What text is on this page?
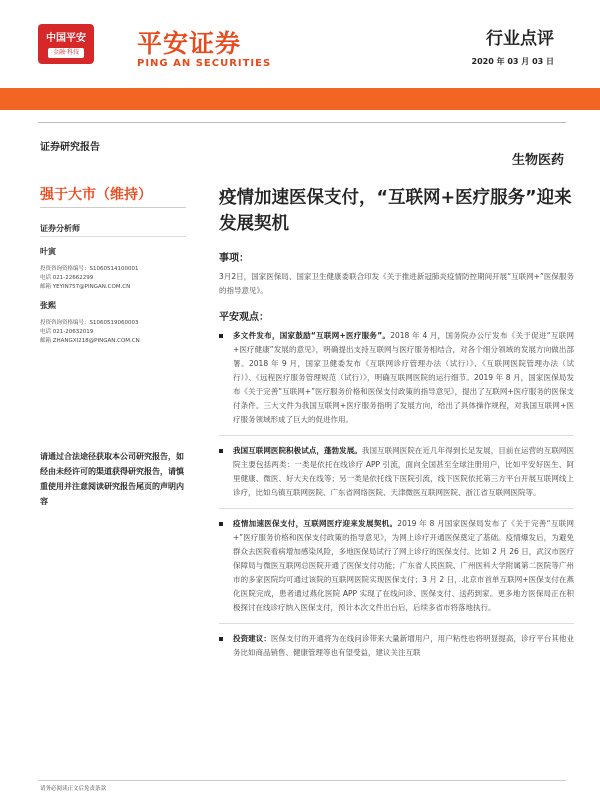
中国平安
金融·科技 平安证券
PING AN SECURITIES
行业点评
2020 年 03 月 03 日
证券研究报告
生物医药
强于大市（维持）
证券分析师
叶寅
投资咨询资格编号：S1060514100001
电话 021-22662299
邮箱 YEYIN757@PINGAN.COM.CN
张熙
投资咨询资格编号：S1060519060003
电话 021-20632019
邮箱 ZHANGXI218@PINGAN.COM.CN
请通过合法途径获取本公司研究报告，如经由未经许可的渠道获得研究报告，请慎重使用并注意阅读研究报告尾页的声明内容
疫情加速医保支付，“互联网+医疗服务”迎来发展契机
事项：
3月2日，国家医保局、国家卫生健康委联合印发《关于推进新冠肺炎疫情防控期间开展“互联网+”医保服务的指导意见》。
平安观点：
多文件发布，国家鼓励“互联网+医疗服务”。2018 年 4 月，国务院办公厅发布《关于促进“互联网+医疗健康”发展的意见》，明确提出支持互联网与医疗服务相结合，对各个细分领域的发展方向做出部署。2018 年 9 月，国家卫健委发布《互联网诊疗管理办法（试行）》、《互联网医院管理办法（试行）》、《远程医疗服务管理规范（试行）》，明确互联网医院的运行细节。2019 年 8 月，国家医保局发布《关于完善“互联网+”医疗服务价格和医保支付政策的指导意见》，提出了互联网+医疗服务的医保支付条件。三大文件为我国互联网+医疗服务指明了发展方向，给出了具体操作规程，对我国互联网+医疗服务领域形成了巨大的促进作用。
我国互联网医院积极试点，蓬勃发展。我国互联网医院在近几年得到长足发展，目前在运营的互联网医院主要包括两类：一类是依托在线诊疗 APP 引流，面向全国甚至全球注册用户，比如平安好医生、阿里健康、微医、好大夫在线等；另一类是依托线下医院引流，线下医院依托第三方平台开展互联网线上诊疗，比如乌镇互联网医院、广东省网络医院、天津微医互联网医院、浙江省互联网医院等。
疫情加速医保支付，互联网医疗迎来发展契机。2019 年 8 月国家医保局发布了《关于完善“互联网+”医疗服务价格和医保支付政策的指导意见》，为网上诊疗开通医保奠定了基础。疫情爆发后，为避免群众去医院看病增加感染风险，多地医保局试行了网上诊疗的医保支付。比如 2 月 26 日，武汉市医疗保障局与微医互联网总医院开通了医保支付功能；广东省人民医院、广州医科大学附属第二医院等广州市的多家医院均可通过该院的互联网医院实现医保支付；3 月 2 日，北京市首单互联网+医保支付在燕化医院完成，患者通过燕化医院 APP 实现了在线问诊、医保支付、送药到家。更多地方医保局正在积极探讨在线诊疗纳入医保支付，预计本次文件出台后，后续多省市将落地执行。
投资建议：医保支付的开通将为在线问诊带来大量新增用户，用户粘性也将明显提高，诊疗平台其他业务比如商品销售、健康管理等也有望受益，建议关注互联
请务必阅读正文后免责条款
